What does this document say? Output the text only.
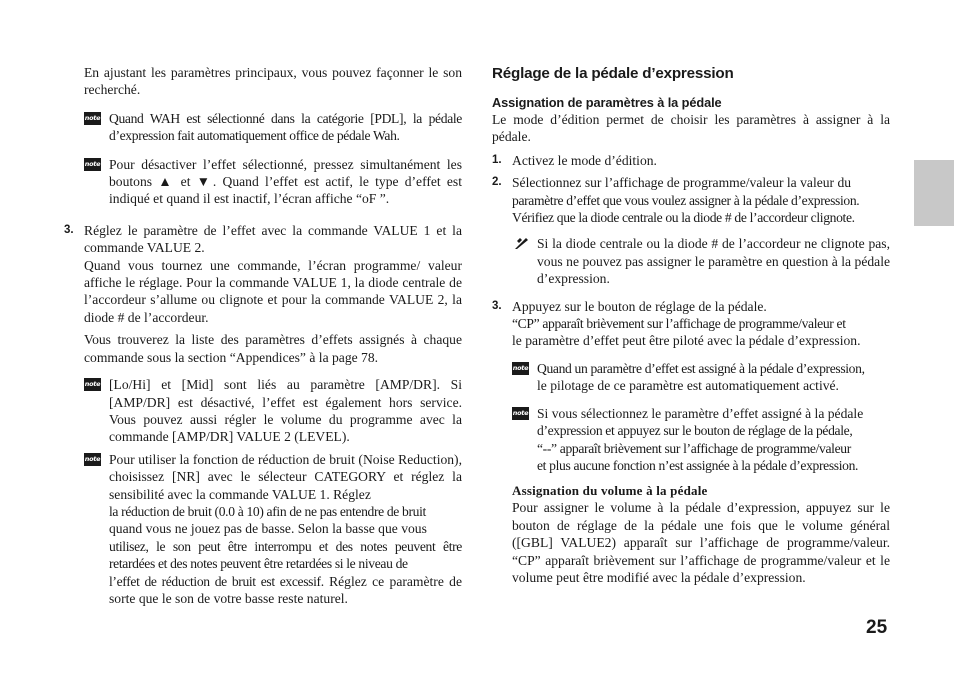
En ajustant les paramètres principaux, vous pouvez façonner le son recherché.

note Quand WAH est sélectionné dans la catégorie [PDL], la pédale d’expression fait automatiquement office de pédale Wah.

note Pour désactiver l’effet sélectionné, pressez simultanément les boutons ▲ et ▼. Quand l’effet est actif, le type d’effet est indiqué et quand il est inactif, l’écran affiche “oF ”.

3. Réglez le paramètre de l’effet avec la commande VALUE 1 et la commande VALUE 2.

Quand vous tournez une commande, l’écran programme/ valeur affiche le réglage. Pour la commande VALUE 1, la diode centrale de l’accordeur s’allume ou clignote et pour la commande VALUE 2, la diode # de l’accordeur.

Vous trouverez la liste des paramètres d’effets assignés à chaque commande sous la section “Appendices” à la page 78.

note [Lo/Hi] et [Mid] sont liés au paramètre [AMP/DR]. Si [AMP/DR] est désactivé, l’effet est également hors service. Vous pouvez aussi régler le volume du programme avec la commande [AMP/DR] VALUE 2 (LEVEL).

note Pour utiliser la fonction de réduction de bruit (Noise Reduction), choisissez [NR] avec le sélecteur CATEGORY et réglez la sensibilité avec la commande VALUE 1. Réglez

la réduction de bruit (0.0 à 10) afin de ne pas entendre de bruit

quand vous ne jouez pas de basse. Selon la basse que vous

utilisez, le son peut être interrompu et des notes peuvent être retardées et des notes peuvent être retardées si le niveau de

l’effet de réduction de bruit est excessif. Réglez ce paramètre de sorte que le son de votre basse reste naturel.

Réglage de la pédale d’expression
Assignation de paramètres à la pédale

Le mode d’édition permet de choisir les paramètres à assigner à la pédale.

1. Activez le mode d’édition.

2. Sélectionnez sur l’affichage de programme/valeur la valeur du

paramètre d’effet que vous voulez assigner à la pédale d’expression.

Vérifiez que la diode centrale ou la diode # de l’accordeur clignote.

Si la diode centrale ou la diode # de l’accordeur ne clignote pas, vous ne pouvez pas assigner le paramètre en question à la pédale d’expression.

3. Appuyez sur le bouton de réglage de la pédale.

“CP” apparaît brièvement sur l’affichage de programme/valeur et

le paramètre d’effet peut être piloté avec la pédale d’expression.

note Quand un paramètre d’effet est assigné à la pédale d’expression,

le pilotage de ce paramètre est automatiquement activé.

note Si vous sélectionnez le paramètre d’effet assigné à la pédale

d’expression et appuyez sur le bouton de réglage de la pédale,

“--” apparaît brièvement sur l’affichage de programme/valeur

et plus aucune fonction n’est assignée à la pédale d’expression.

Assignation du volume à la pédale

Pour assigner le volume à la pédale d’expression, appuyez sur le bouton de réglage de la pédale une fois que le volume général ([GBL] VALUE2) apparaît sur l’affichage de programme/valeur. “CP” apparaît brièvement sur l’affichage de programme/valeur et le volume peut être modifié avec la pédale d’expression.

25
